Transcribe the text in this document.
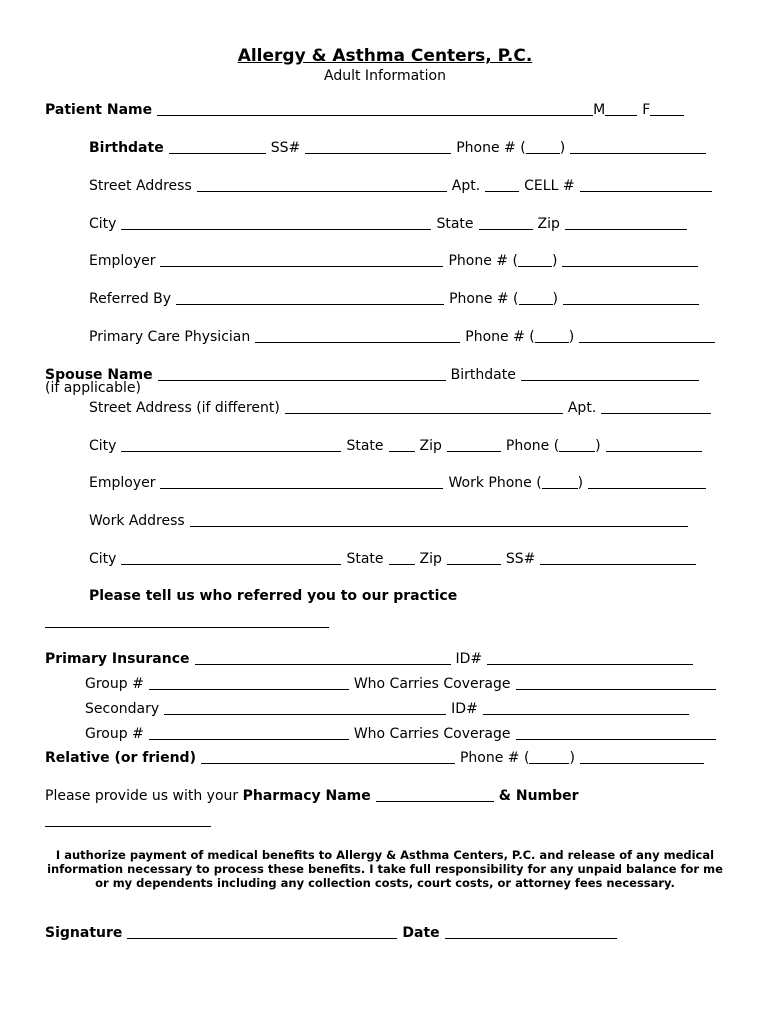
Allergy & Asthma Centers, P.C.
Adult Information
Patient Name	M	F
Birthdate	SS#	Phone # ( )
Street Address	Apt.	CELL #
City	State	Zip
Employer	Phone # ( )
Referred By	Phone # ( )
Primary Care Physician	Phone # ( )
Spouse Name	Birthdate
(if applicable)
Street Address (if different)	Apt.
City	State	Zip	Phone (	)
Employer	Work Phone (	)
Work Address
City	State	Zip	SS#
Please tell us who referred you to our practice
Primary Insurance	ID#
Group #	Who Carries Coverage
Secondary	ID#
Group #	Who Carries Coverage
Relative (or friend)	Phone # (	)
Please provide us with your Pharmacy Name	& Number
I authorize payment of medical benefits to Allergy & Asthma Centers, P.C. and release of any medical information necessary to process these benefits. I take full responsibility for any unpaid balance for me or my dependents including any collection costs, court costs, or attorney fees necessary.
Signature	Date
